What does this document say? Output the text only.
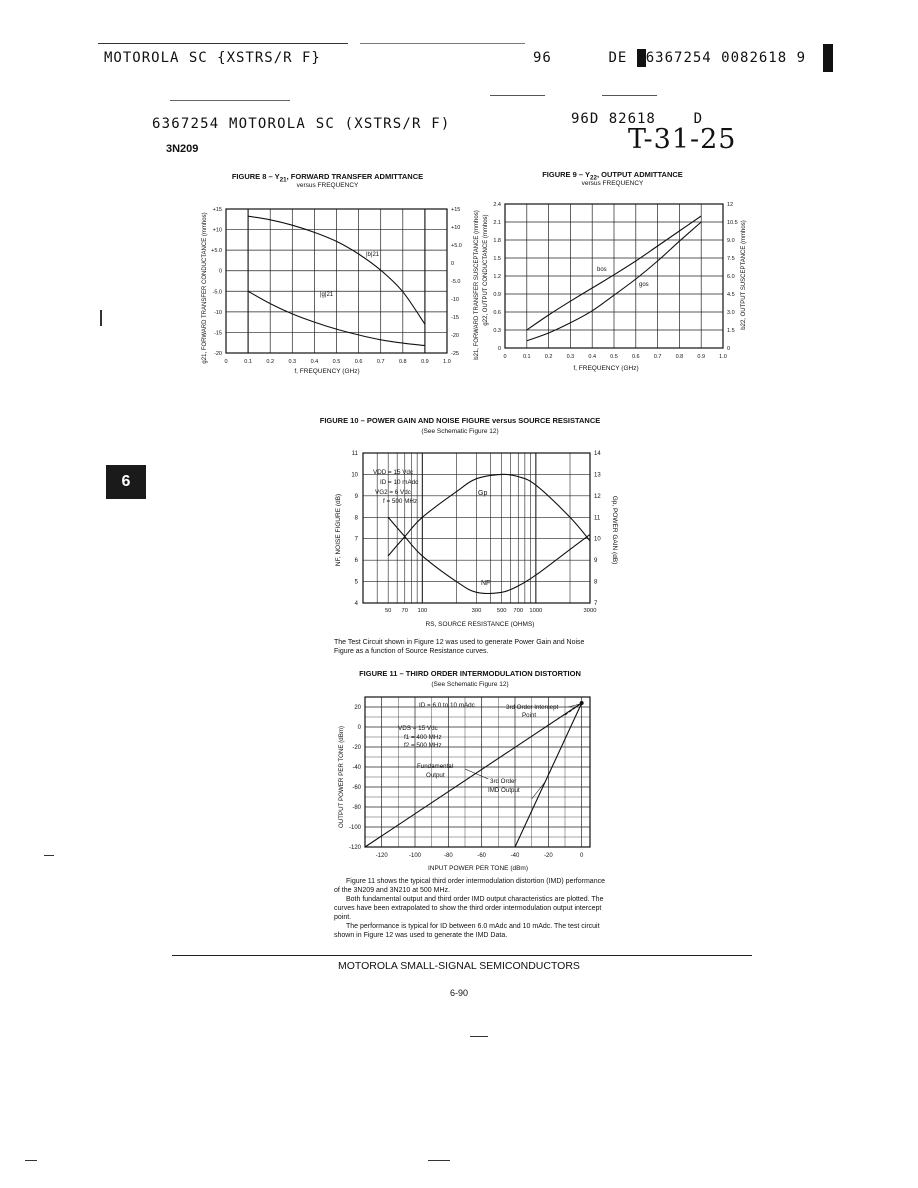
MOTOROLA SC {XSTRS/R F}	96	DE 6367254 0082618 9
6367254 MOTOROLA SC (XSTRS/R F)	96D 82618	D
T-31-25
3N209
FIGURE $8 - Y_{21}$, FORWARD TRANSFER ADMITTANCE
versus FREQUENCY
FIGURE $9 - Y_{22}$, OUTPUT ADMITTANCE
versus FREQUENCY
f, FREQUENCY (GHz)
g21, FORWARD TRANSFER CONDUCTANCE (mmhos)	b21, FORWARD TRANSFER SUSCEPTANCE (mmhos)
|b|21
|g|21
+15
+10
+5.0
0
-5.0
-10
-15
-20
+15
+10
+5.0
0
-5.0
-10
-15
-20
-25
0	0.1	0.2	0.3	0.4	0.5	0.6	0.7	0.8	0.9	1.0
f, FREQUENCY (GHz)
g22, OUTPUT CONDUCTANCE (mmhos)	b22, OUTPUT SUSCEPTANCE (mmhos)
bos
gos
0
0.3
0.6
0.9
1.2
1.5
1.8
2.1
2.4
0
1.5
3.0
4.5
6.0
7.5
9.0
10.5
12
0	0.1	0.2	0.3	0.4	0.5	0.6	0.7	0.8	0.9	1.0
RS, SOURCE RESISTANCE (OHMS)
NF, NOISE FIGURE (dB)	Gp, POWER GAIN (dB)
VDD = 15 Vdc
ID = 10 mAdc
VG2 = 6 Vdc
f = 500 MHz
Gp
NF
4
5
6
7
8
9
10
11
7
8
9
10
11
12
13
14
50 70 100	300	500 700 1000	3000
INPUT POWER PER TONE (dBm)
OUTPUT POWER PER TONE (dBm)
ID = 6.0 to 10 mAdc
VDS = 15 Vdc
f1 = 400 MHz
f2 = 500 MHz
3rd Order Intercept
Point
Fundamental
Output
3rd Order
IMD Output
20
0
-20
-40
-60
-80
-100
-120
-120	-100	-80	-60	-40	-20	0
FIGURE 10 – POWER GAIN AND NOISE FIGURE versus SOURCE RESISTANCE
(See Schematic Figure 12)
The Test Circuit shown in Figure 12 was used to generate Power Gain and Noise Figure as a function of Source Resistance curves.
FIGURE 11 – THIRD ORDER INTERMODULATION DISTORTION
(See Schematic Figure 12)
Figure 11 shows the typical third order intermodulation distortion (IMD) performance of the 3N209 and 3N210 at 500 MHz.
Both fundamental output and third order IMD output characteristics are plotted. The curves have been extrapolated to show the third order intermodulation output intercept point.
The performance is typical for ID between 6.0 mAdc and 10 mAdc. The test circuit shown in Figure 12 was used to generate the IMD Data.
6
MOTOROLA SMALL-SIGNAL SEMICONDUCTORS
6-90
